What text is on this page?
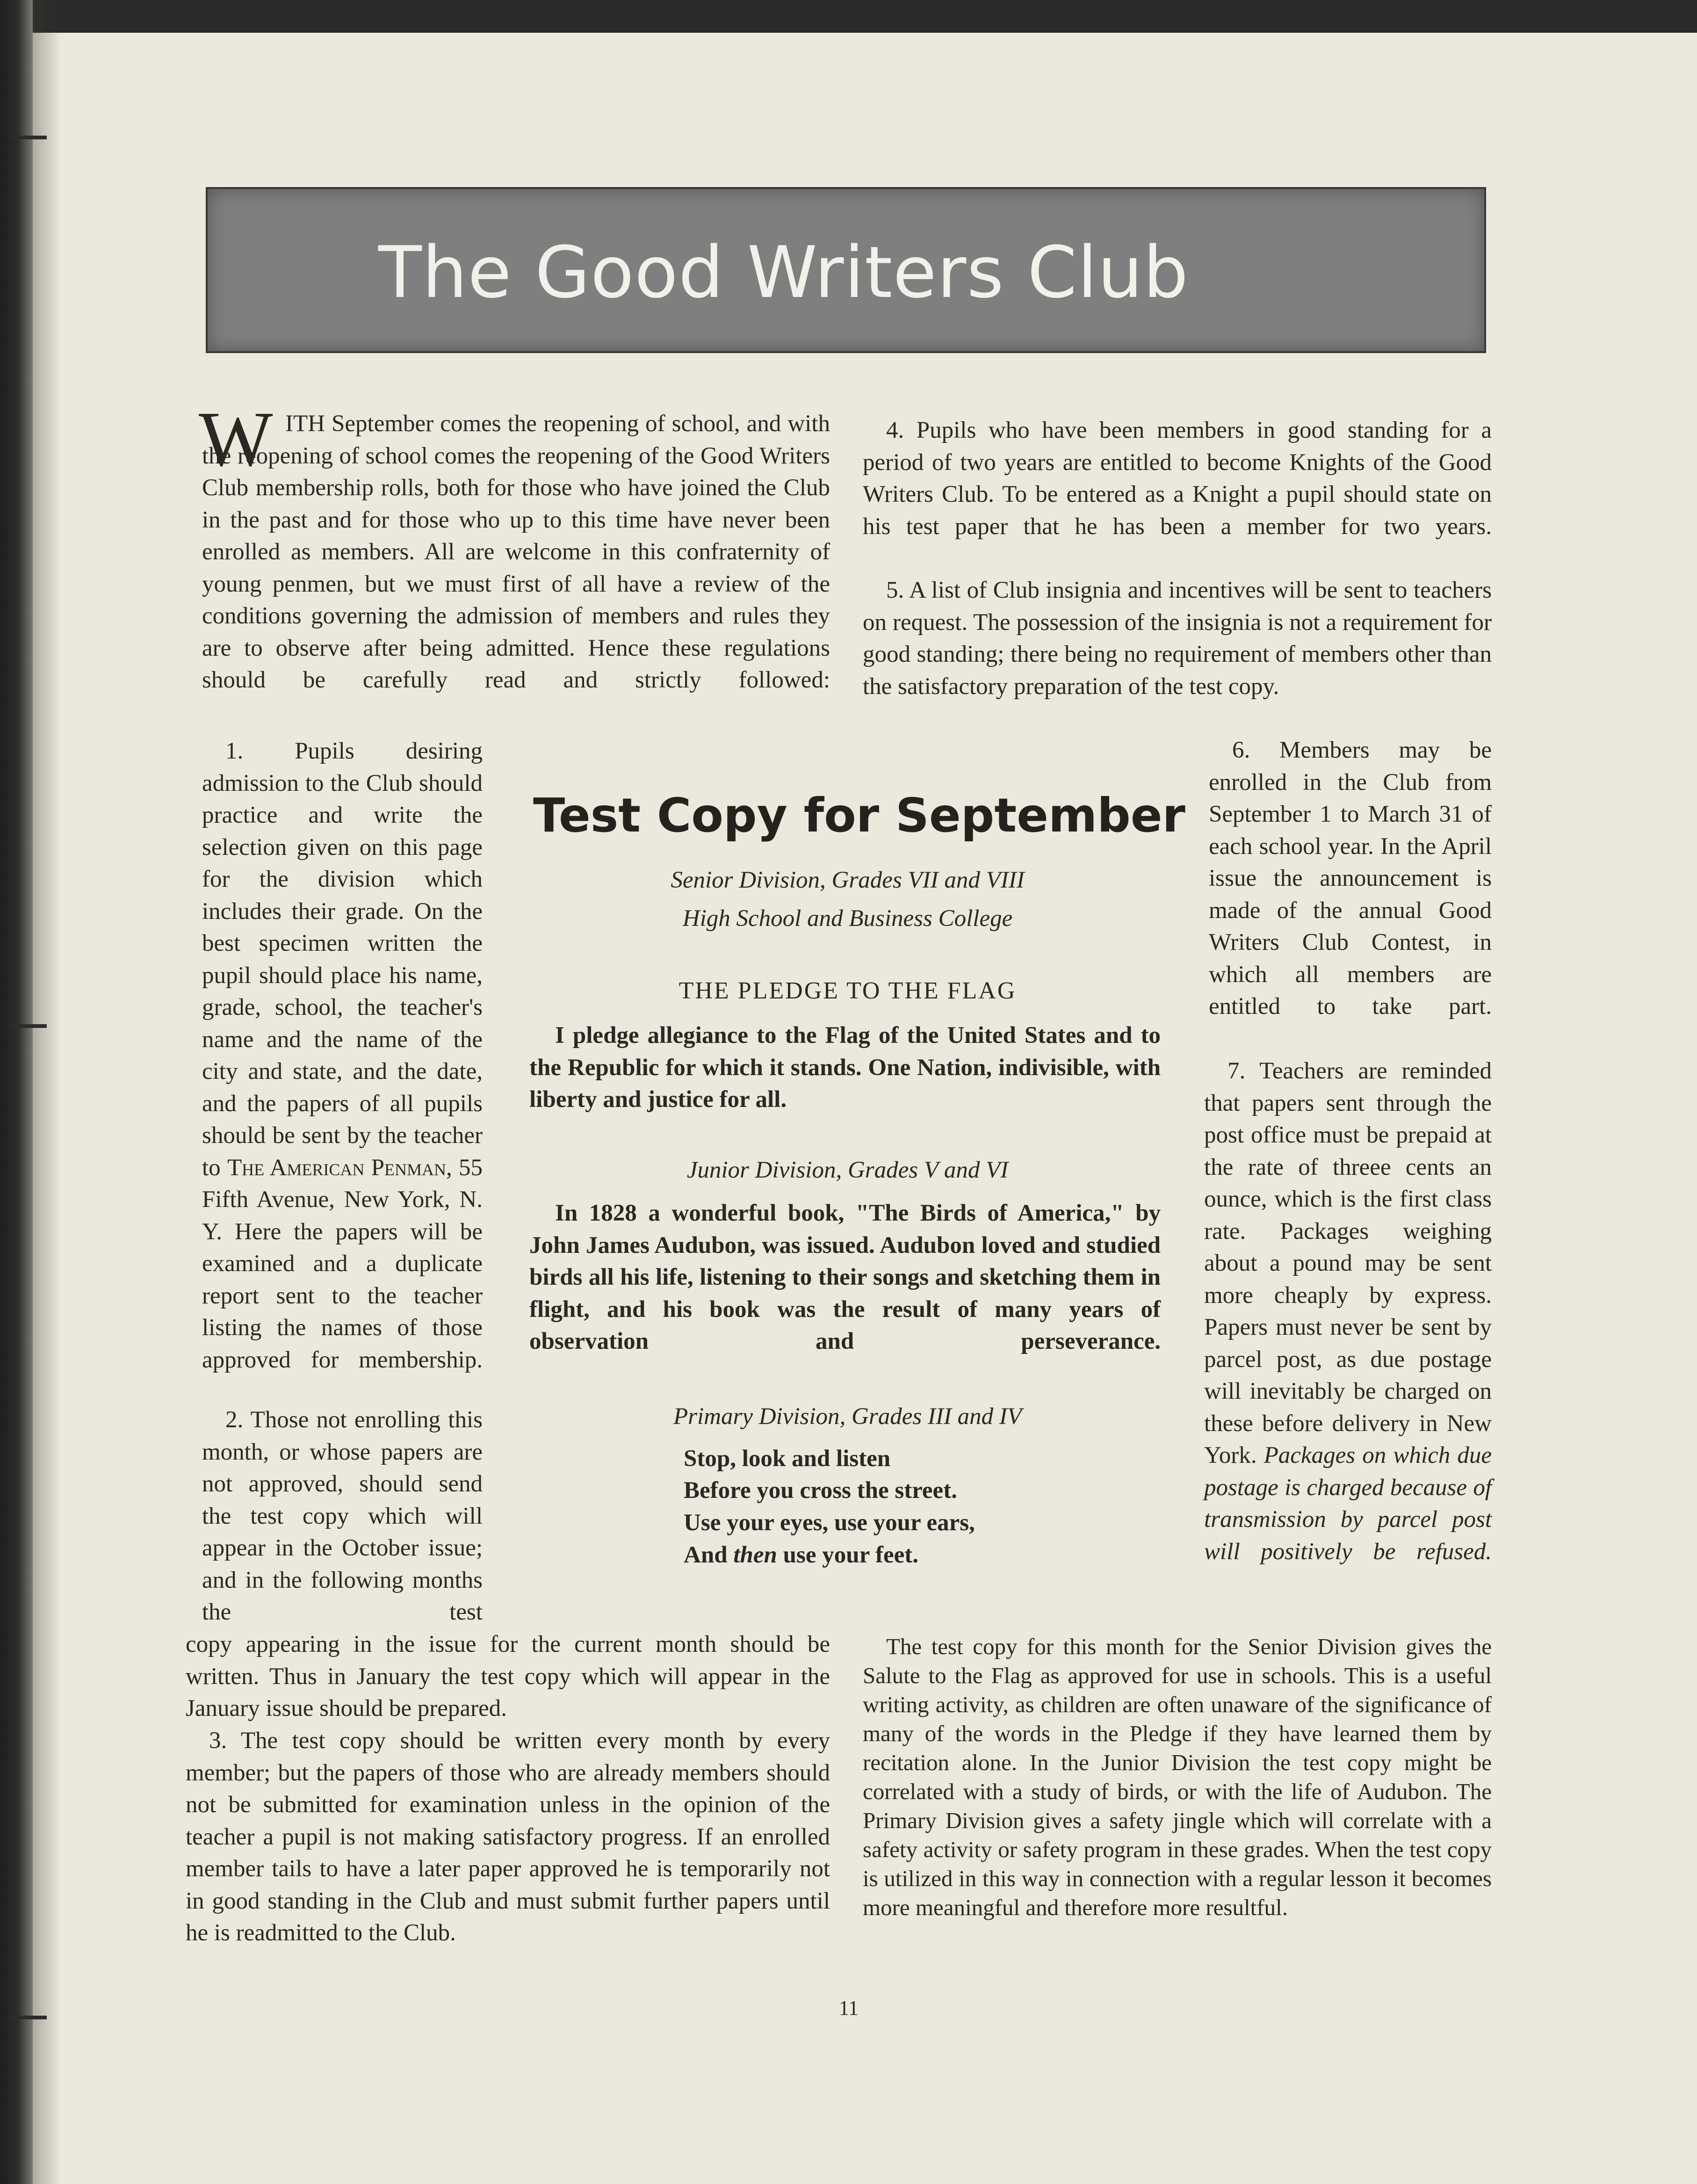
The Good Writers Club
W ITH September comes the reopening of school, and with the reopening of school comes the reopening of the Good Writers Club membership rolls, both for those who have joined the Club in the past and for those who up to this time have never been enrolled as members. All are welcome in this confraternity of young penmen, but we must first of all have a review of the conditions governing the admission of members and rules they are to observe after being admitted. Hence these regulations should be carefully read and strictly followed:

1. Pupils desiring admission to the Club should practice and write the selection given on this page for the division which includes their grade. On the best specimen written the pupil should place his name, grade, school, the teacher's name and the name of the city and state, and the date, and the papers of all pupils should be sent by the teacher to The American Penman, 55 Fifth Avenue, New York, N. Y. Here the papers will be examined and a duplicate report sent to the teacher listing the names of those approved for membership.

2. Those not enrolling this month, or whose papers are not approved, should send the test copy which will appear in the October issue; and in the following months the test

copy appearing in the issue for the current month should be written. Thus in January the test copy which will appear in the January issue should be prepared.

3. The test copy should be written every month by every member; but the papers of those who are already members should not be submitted for examination unless in the opinion of the teacher a pupil is not making satisfactory progress. If an enrolled member tails to have a later paper approved he is temporarily not in good standing in the Club and must submit further papers until he is readmitted to the Club.

4. Pupils who have been members in good standing for a period of two years are entitled to become Knights of the Good Writers Club. To be entered as a Knight a pupil should state on his test paper that he has been a member for two years.

5. A list of Club insignia and incentives will be sent to teachers on request. The possession of the insignia is not a requirement for good standing; there being no requirement of members other than the satisfactory preparation of the test copy.

6. Members may be enrolled in the Club from September 1 to March 31 of each school year. In the April issue the announcement is made of the annual Good Writers Club Contest, in which all members are entitled to take part.

7. Teachers are reminded that papers sent through the post office must be prepaid at the rate of threee cents an ounce, which is the first class rate. Packages weighing about a pound may be sent more cheaply by express. Papers must never be sent by parcel post, as due postage will inevitably be charged on these before delivery in New York. Packages on which due postage is charged because of transmission by parcel post will positively be refused.

The test copy for this month for the Senior Division gives the Salute to the Flag as approved for use in schools. This is a useful writing activity, as children are often unaware of the significance of many of the words in the Pledge if they have learned them by recitation alone. In the Junior Division the test copy might be correlated with a study of birds, or with the life of Audubon. The Primary Division gives a safety jingle which will correlate with a safety activity or safety program in these grades. When the test copy is utilized in this way in connection with a regular lesson it becomes more meaningful and therefore more resultful.

Test Copy for September
Senior Division, Grades VII and VIII
High School and Business College
THE PLEDGE TO THE FLAG

I pledge allegiance to the Flag of the United States and to the Republic for which it stands. One Nation, indivisible, with liberty and justice for all.

Junior Division, Grades V and VI

In 1828 a wonderful book, "The Birds of America," by John James Audubon, was issued. Audubon loved and studied birds all his life, listening to their songs and sketching them in flight, and his book was the result of many years of observation and perseverance.

Primary Division, Grades III and IV
Stop, look and listen
Before you cross the street.
Use your eyes, use your ears,
And then use your feet.
11
